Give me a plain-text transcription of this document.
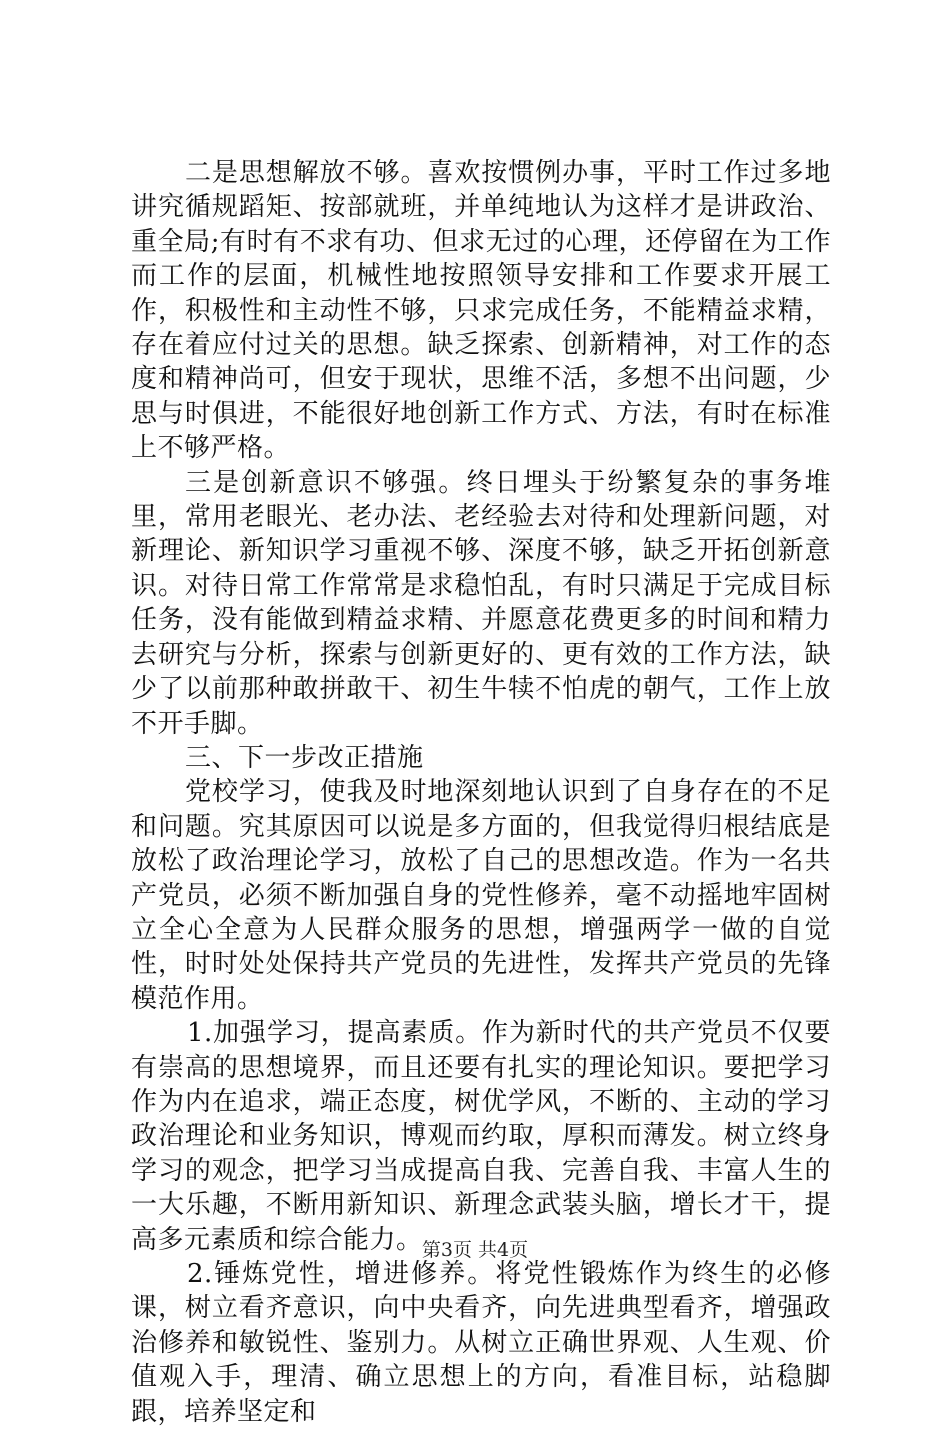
二是思想解放不够。喜欢按惯例办事，平时工作过多地讲究循规蹈矩、按部就班，并单纯地认为这样才是讲政治、重全局;有时有不求有功、但求无过的心理，还停留在为工作而工作的层面，机械性地按照领导安排和工作要求开展工作，积极性和主动性不够，只求完成任务，不能精益求精，存在着应付过关的思想。缺乏探索、创新精神，对工作的态度和精神尚可，但安于现状，思维不活，多想不出问题，少思与时俱进，不能很好地创新工作方式、方法，有时在标准上不够严格。

三是创新意识不够强。终日埋头于纷繁复杂的事务堆里，常用老眼光、老办法、老经验去对待和处理新问题，对新理论、新知识学习重视不够、深度不够，缺乏开拓创新意识。对待日常工作常常是求稳怕乱，有时只满足于完成目标任务，没有能做到精益求精、并愿意花费更多的时间和精力去研究与分析，探索与创新更好的、更有效的工作方法，缺少了以前那种敢拼敢干、初生牛犊不怕虎的朝气，工作上放不开手脚。

三、下一步改正措施

党校学习，使我及时地深刻地认识到了自身存在的不足和问题。究其原因可以说是多方面的，但我觉得归根结底是放松了政治理论学习，放松了自己的思想改造。作为一名共产党员，必须不断加强自身的党性修养，毫不动摇地牢固树立全心全意为人民群众服务的思想，增强两学一做的自觉性，时时处处保持共产党员的先进性，发挥共产党员的先锋模范作用。

1.加强学习，提高素质。作为新时代的共产党员不仅要有崇高的思想境界，而且还要有扎实的理论知识。要把学习作为内在追求，端正态度，树优学风，不断的、主动的学习政治理论和业务知识，博观而约取，厚积而薄发。树立终身学习的观念，把学习当成提高自我、完善自我、丰富人生的一大乐趣，不断用新知识、新理念武装头脑，增长才干，提高多元素质和综合能力。

2.锤炼党性，增进修养。将党性锻炼作为终生的必修课，树立看齐意识，向中央看齐，向先进典型看齐，增强政治修养和敏锐性、鉴别力。从树立正确世界观、人生观、价值观入手，理清、确立思想上的方向，看准目标，站稳脚跟，培养坚定和

第3页 共4页
